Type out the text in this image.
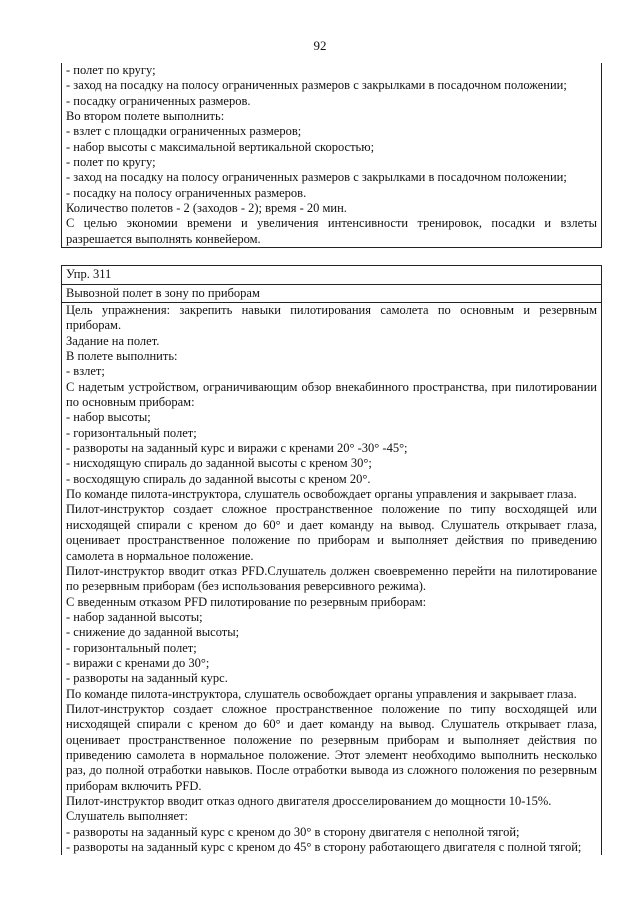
92
- полет по кругу;
- заход на посадку на полосу ограниченных размеров с закрылками в посадочном положении;
- посадку ограниченных размеров.
Во втором полете выполнить:
- взлет с площадки ограниченных размеров;
- набор высоты с максимальной вертикальной скоростью;
- полет по кругу;
- заход на посадку на полосу ограниченных размеров с закрылками в посадочном положении;
- посадку на полосу ограниченных размеров.
Количество полетов - 2 (заходов - 2); время - 20 мин.
С целью экономии времени и увеличения интенсивности тренировок, посадки и взлеты разрешается выполнять конвейером.
Упр. 311
Вывозной полет в зону по приборам
Цель упражнения: закрепить навыки пилотирования самолета по основным и резервным приборам.
Задание на полет.
В полете выполнить:
- взлет;
С надетым устройством, ограничивающим обзор внекабинного пространства, при пилотировании по основным приборам:
- набор высоты;
- горизонтальный полет;
- развороты на заданный курс и виражи с кренами 20° -30° -45°;
- нисходящую спираль до заданной высоты с креном 30°;
- восходящую спираль до заданной высоты с креном 20°.
По команде пилота-инструктора, слушатель освобождает органы управления и закрывает глаза.
Пилот-инструктор создает сложное пространственное положение по типу восходящей или нисходящей спирали с креном до 60° и дает команду на вывод. Слушатель открывает глаза, оценивает пространственное положение по приборам и выполняет действия по приведению самолета в нормальное положение.
Пилот-инструктор вводит отказ PFD.Слушатель должен своевременно перейти на пилотирование по резервным приборам (без использования реверсивного режима).
С введенным отказом PFD пилотирование по резервным приборам:
- набор заданной высоты;
- снижение до заданной высоты;
- горизонтальный полет;
- виражи с кренами до 30°;
- развороты на заданный курс.
По команде пилота-инструктора, слушатель освобождает органы управления и закрывает глаза.
Пилот-инструктор создает сложное пространственное положение по типу восходящей или нисходящей спирали с креном до 60° и дает команду на вывод. Слушатель открывает глаза, оценивает пространственное положение по резервным приборам и выполняет действия по приведению самолета в нормальное положение. Этот элемент необходимо выполнить несколько раз, до полной отработки навыков. После отработки вывода из сложного положения по резервным приборам включить PFD.
Пилот-инструктор вводит отказ одного двигателя дросселированием до мощности 10-15%.
Слушатель выполняет:
- развороты на заданный курс с креном до 30° в сторону двигателя с неполной тягой;
- развороты на заданный курс с креном до 45° в сторону работающего двигателя с полной тягой;
